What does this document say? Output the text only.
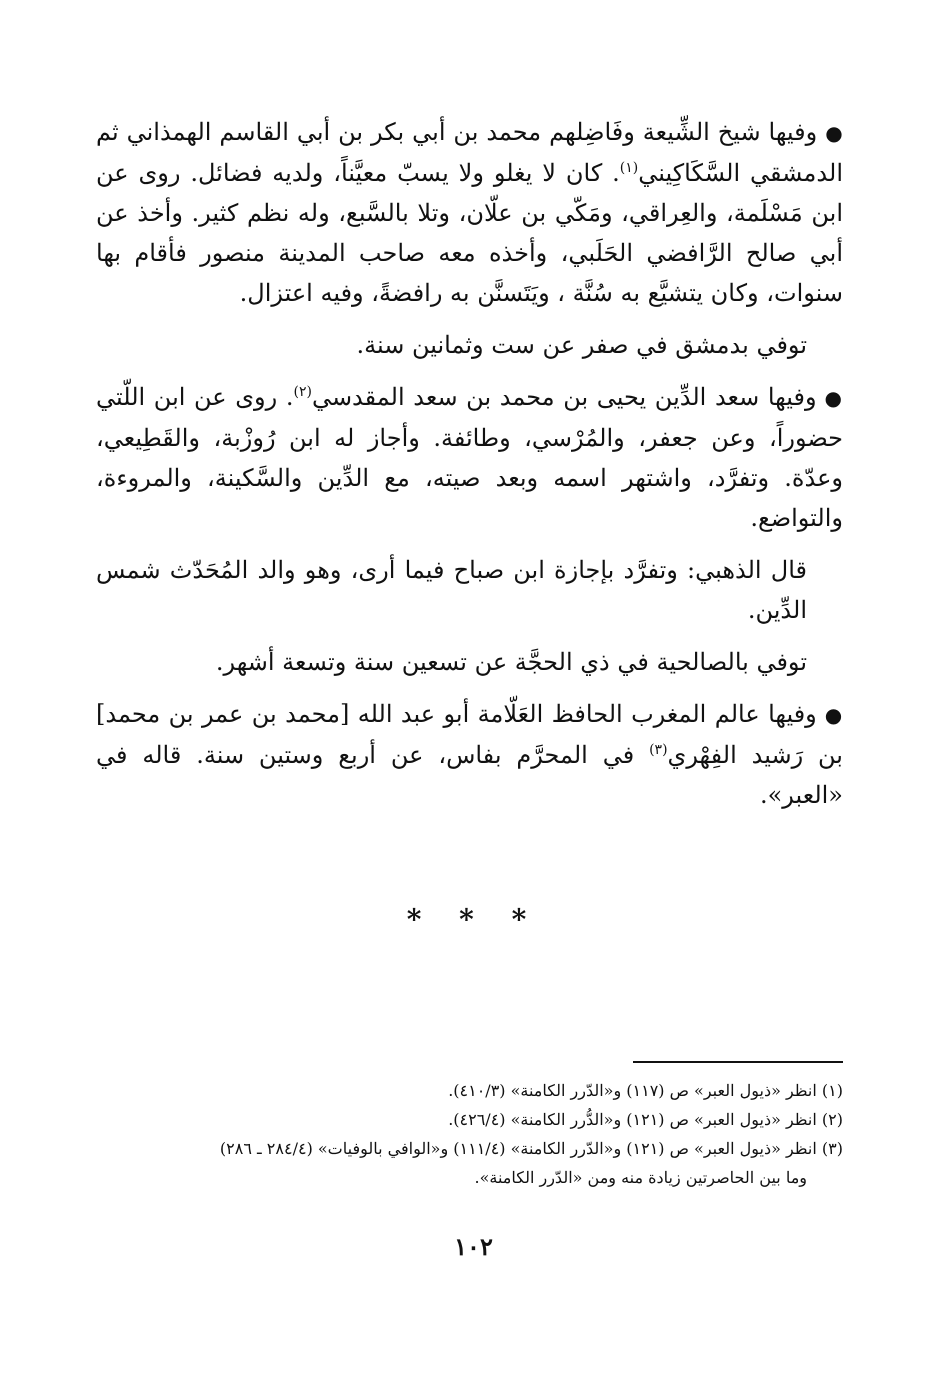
●وفيها شيخ الشِّيعة وفَاضِلهم محمد بن أبي بكر بن أبي القاسم الهمذاني ثم الدمشقي السَّكَاكِيني$^{(١)}$. كان لا يغلو ولا يسبّ معيَّناً، ولديه فضائل. روى عن ابن مَسْلَمة، والعِراقي، ومَكّي بن علّان، وتلا بالسَّبع، وله نظم كثير. وأخذ عن أبي صالح الرَّافضي الحَلَبي، وأخذه معه صاحب المدينة منصور فأقام بها سنوات، وكان يتشيَّع به سُنَّة ، ويَتَسنَّن به رافضةً، وفيه اعتزال.

توفي بدمشق في صفر عن ست وثمانين سنة.

●وفيها سعد الدِّين يحيى بن محمد بن سعد المقدسي$^{(٢)}$. روى عن ابن اللّتي حضوراً، وعن جعفر، والمُرْسي، وطائفة. وأجاز له ابن رُوزْبة، والقَطِيعي، وعدّة. وتفرَّد، واشتهر اسمه وبعد صيته، مع الدِّين والسَّكينة، والمروءة، والتواضع.

قال الذهبي: وتفرَّد بإجازة ابن صباح فيما أرى، وهو والد المُحَدّث شمس الدِّين.

توفي بالصالحية في ذي الحجَّة عن تسعين سنة وتسعة أشهر.

●وفيها عالم المغرب الحافظ العَلّامة أبو عبد الله [محمد بن عمر بن محمد] بن رَشيد الفِهْري$^{(٣)}$ في المحرَّم بفاس، عن أربع وستين سنة. قاله في «العبر».

* * *

(١) انظر «ذيول العبر» ص (١١٧) و«الدّرر الكامنة» (٤١٠/٣).

(٢) انظر «ذيول العبر» ص (١٢١) و«الدُّرر الكامنة» (٤٢٦/٤).

(٣) انظر «ذيول العبر» ص (١٢١) و«الدّرر الكامنة» (١١١/٤) و«الوافي بالوفيات» (٢٨٤/٤ ـ ٢٨٦)

وما بين الحاصرتين زيادة منه ومن «الدّرر الكامنة».

١٠٢
